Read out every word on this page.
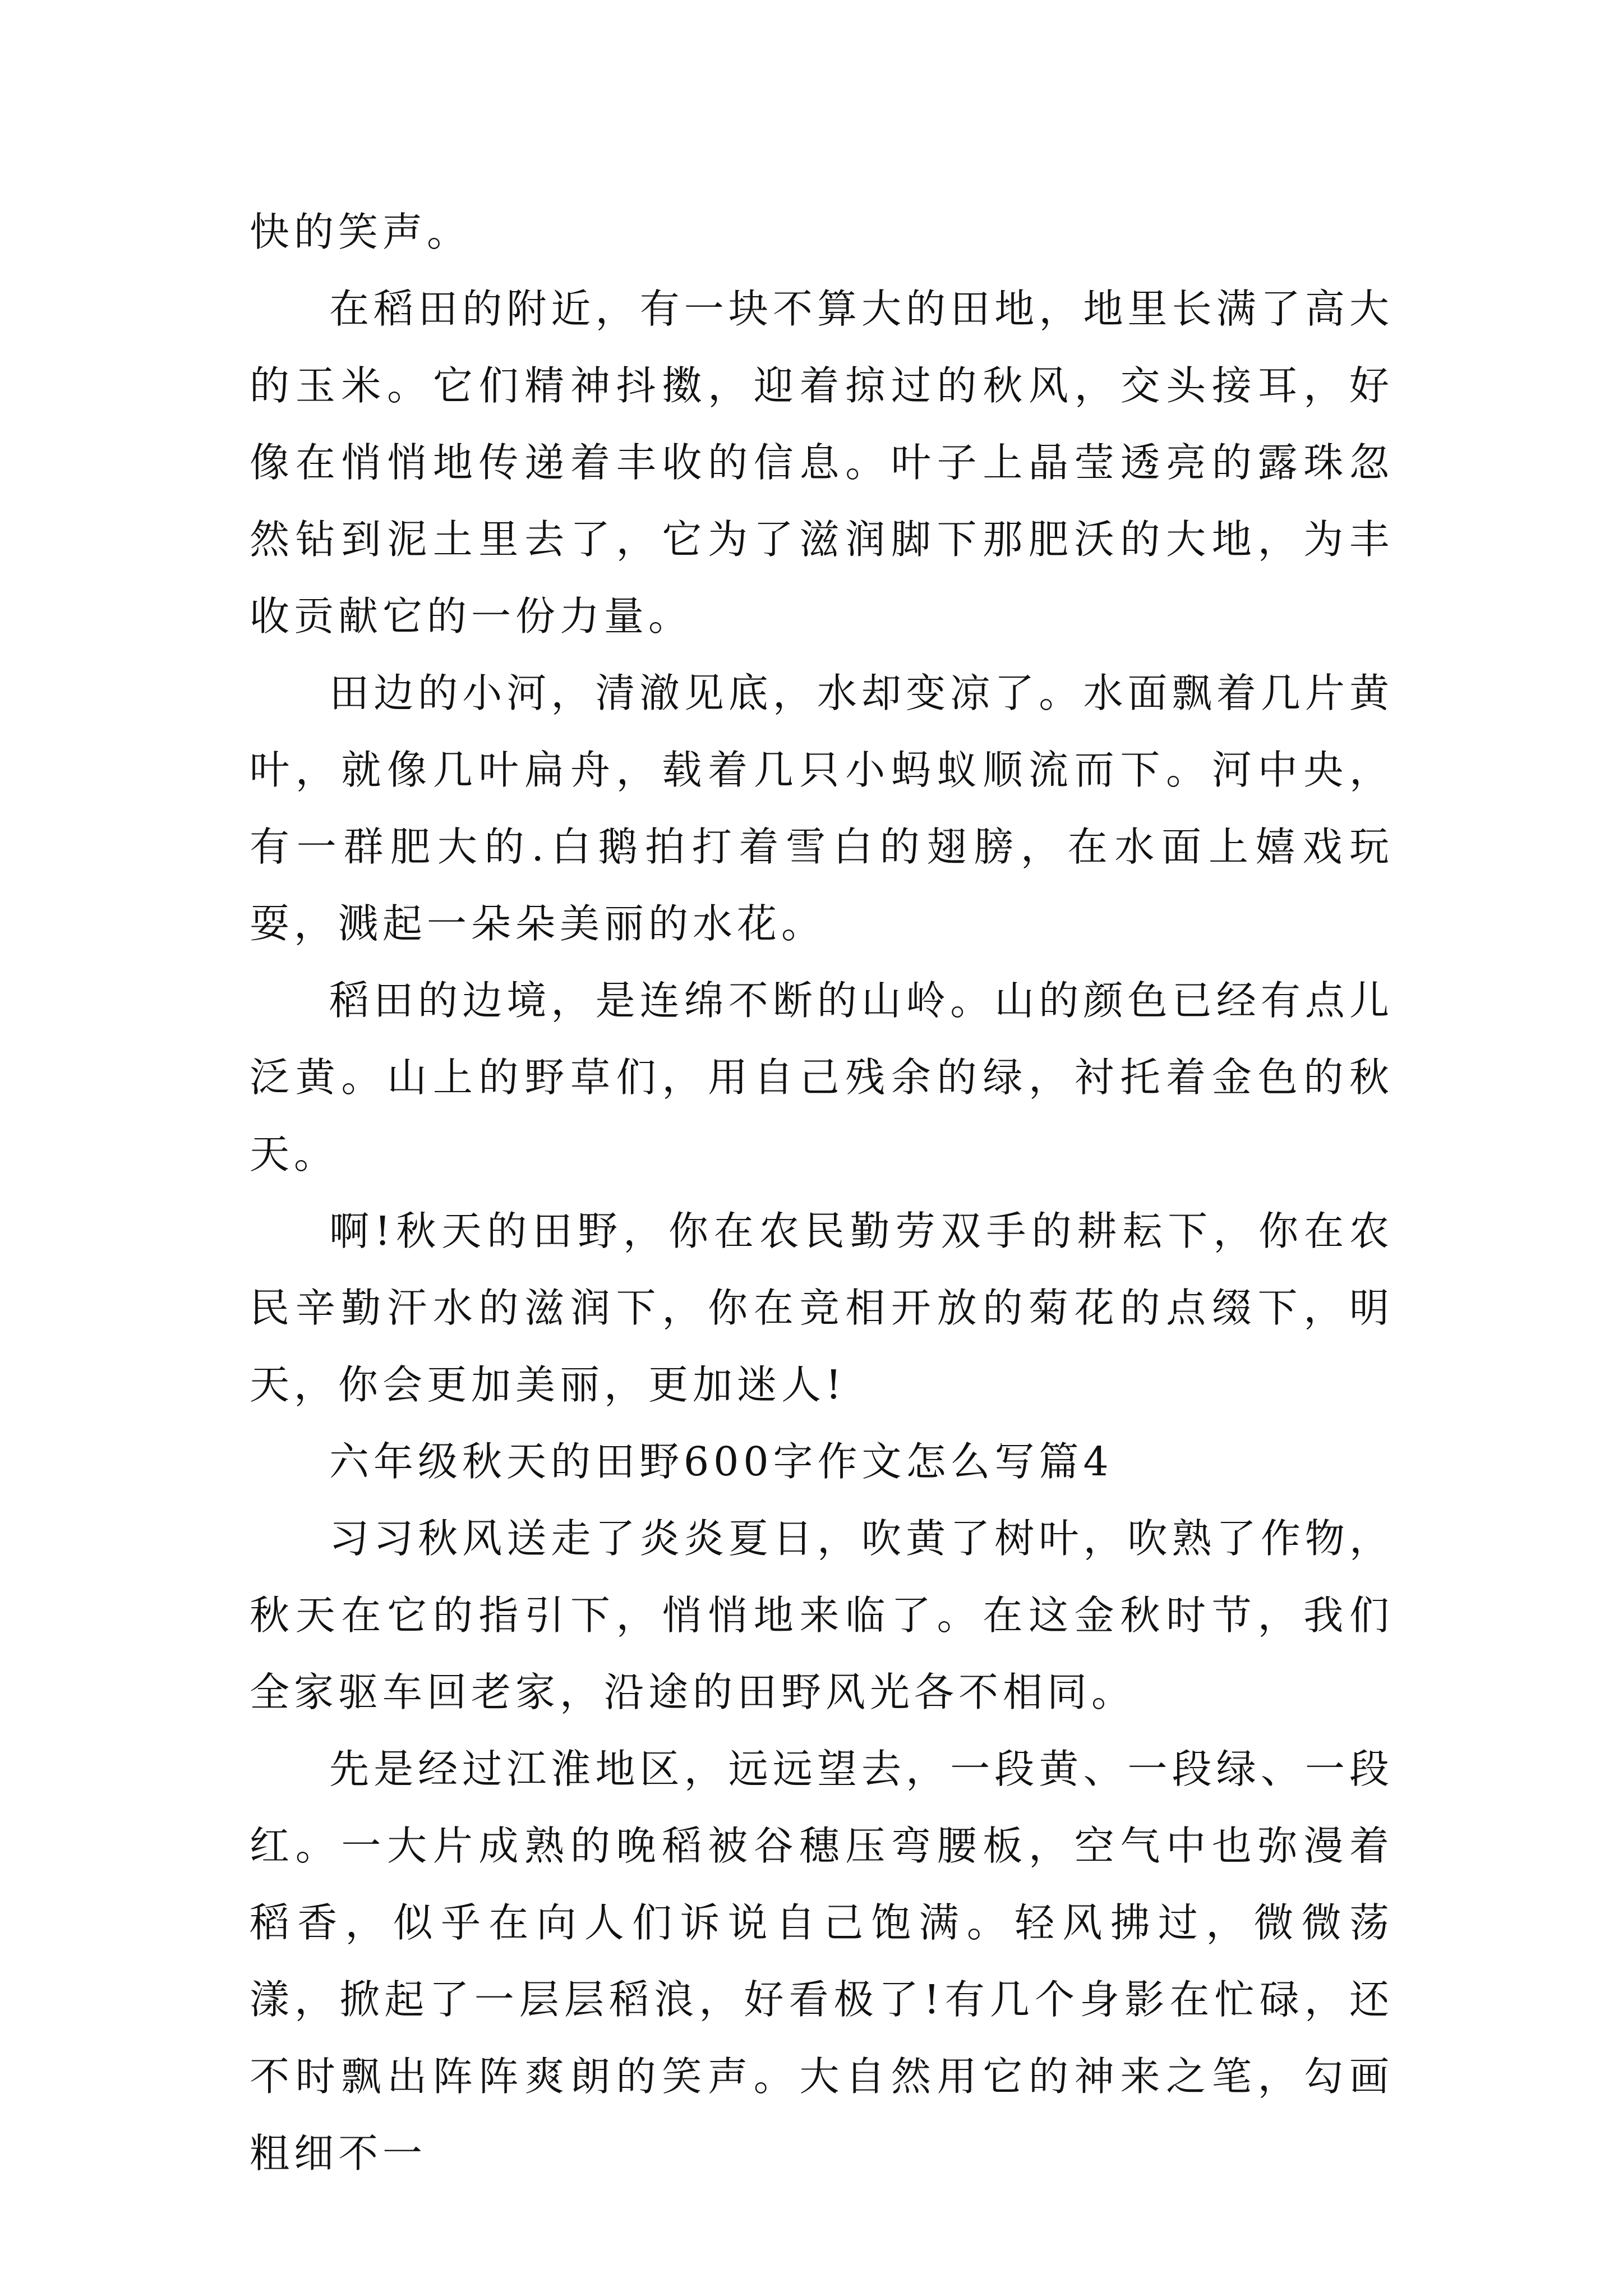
快的笑声。

在稻田的附近，有一块不算大的田地，地里长满了高大的玉米。它们精神抖擞，迎着掠过的秋风，交头接耳，好像在悄悄地传递着丰收的信息。叶子上晶莹透亮的露珠忽然钻到泥土里去了，它为了滋润脚下那肥沃的大地，为丰收贡献它的一份力量。

田边的小河，清澈见底，水却变凉了。水面飘着几片黄叶，就像几叶扁舟，载着几只小蚂蚁顺流而下。河中央，有一群肥大的.白鹅拍打着雪白的翅膀，在水面上嬉戏玩耍，溅起一朵朵美丽的水花。

稻田的边境，是连绵不断的山岭。山的颜色已经有点儿泛黄。山上的野草们，用自己残余的绿，衬托着金色的秋天。

啊!秋天的田野，你在农民勤劳双手的耕耘下，你在农民辛勤汗水的滋润下，你在竞相开放的菊花的点缀下，明天，你会更加美丽，更加迷人!

六年级秋天的田野600字作文怎么写篇4

习习秋风送走了炎炎夏日，吹黄了树叶，吹熟了作物，秋天在它的指引下，悄悄地来临了。在这金秋时节，我们全家驱车回老家，沿途的田野风光各不相同。

先是经过江淮地区，远远望去，一段黄、一段绿、一段红。一大片成熟的晚稻被谷穗压弯腰板，空气中也弥漫着稻香，似乎在向人们诉说自己饱满。轻风拂过，微微荡漾，掀起了一层层稻浪，好看极了!有几个身影在忙碌，还不时飘出阵阵爽朗的笑声。大自然用它的神来之笔，勾画粗细不一
